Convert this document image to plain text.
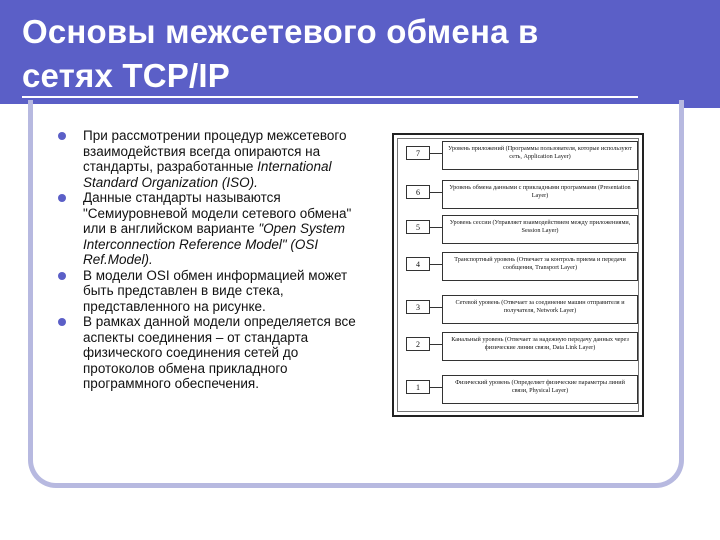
Основы межсетевого обмена в
сетях TCP/IP
При рассмотрении процедур межсетевого взаимодействия всегда опираются на стандарты, разработанные International Standard Organization (ISO).
Данные стандарты называются "Семиуровневой модели сетевого обмена" или в английском варианте "Open System Interconnection Reference Model" (OSI Ref.Model).
В модели OSI обмен информацией может быть представлен в виде стека, представленного на рисунке.
В рамках данной модели определяется все аспекты соединения – от стандарта физического соединения сетей до протоколов обмена прикладного программного обеспечения.
7
Уровень приложений (Программы пользователя, которые используют сеть, Application Layer)
6
Уровень обмена данными с прикладными программами (Presentation Layer)
5
Уровень сессии (Управляет взаимодействием между приложениями, Session Layer)
4
Транспортный уровень (Отвечает за контроль приема и передачи сообщения, Transport Layer)
3
Сетевой уровень (Отвечает за соединение машин отправителя и получателя, Network Layer)
2
Канальный уровень (Отвечает за надежную передачу данных через физические линии связи, Data Link Layer)
1
Физический уровень (Определяет физические параметры линий связи, Physical Layer)
